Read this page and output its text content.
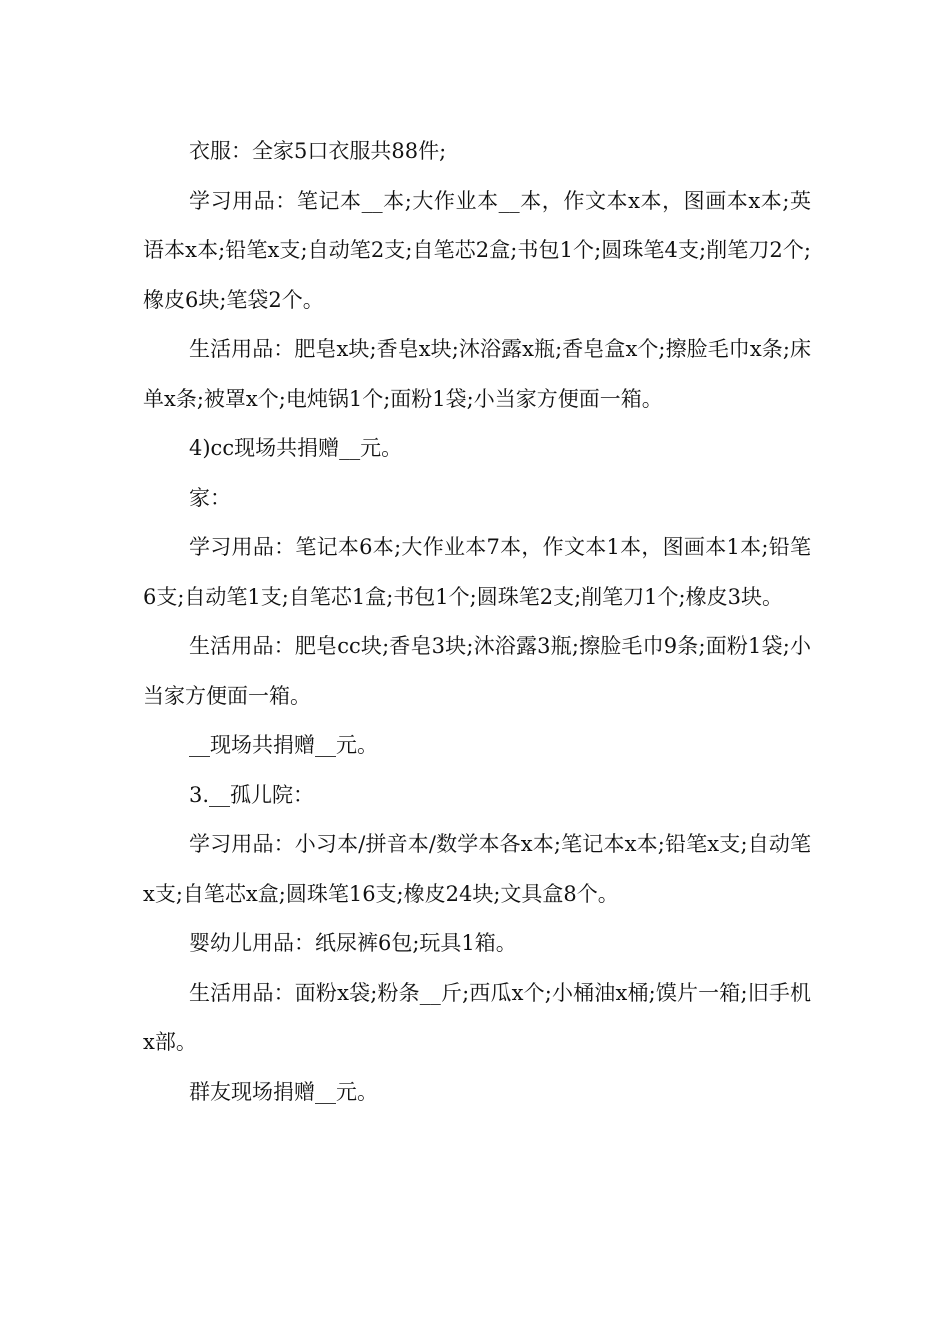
衣服：全家5口衣服共88件;

学习用品：笔记本__本;大作业本__本，作文本x本，图画本x本;英语本x本;铅笔x支;自动笔2支;自笔芯2盒;书包1个;圆珠笔4支;削笔刀2个;橡皮6块;笔袋2个。

生活用品：肥皂x块;香皂x块;沐浴露x瓶;香皂盒x个;擦脸毛巾x条;床单x条;被罩x个;电炖锅1个;面粉1袋;小当家方便面一箱。

4)cc现场共捐赠__元。

家：

学习用品：笔记本6本;大作业本7本，作文本1本，图画本1本;铅笔6支;自动笔1支;自笔芯1盒;书包1个;圆珠笔2支;削笔刀1个;橡皮3块。

生活用品：肥皂cc块;香皂3块;沐浴露3瓶;擦脸毛巾9条;面粉1袋;小当家方便面一箱。

__现场共捐赠__元。

3.__孤儿院：

学习用品：小习本/拼音本/数学本各x本;笔记本x本;铅笔x支;自动笔x支;自笔芯x盒;圆珠笔16支;橡皮24块;文具盒8个。

婴幼儿用品：纸尿裤6包;玩具1箱。

生活用品：面粉x袋;粉条__斤;西瓜x个;小桶油x桶;馍片一箱;旧手机x部。

群友现场捐赠__元。
